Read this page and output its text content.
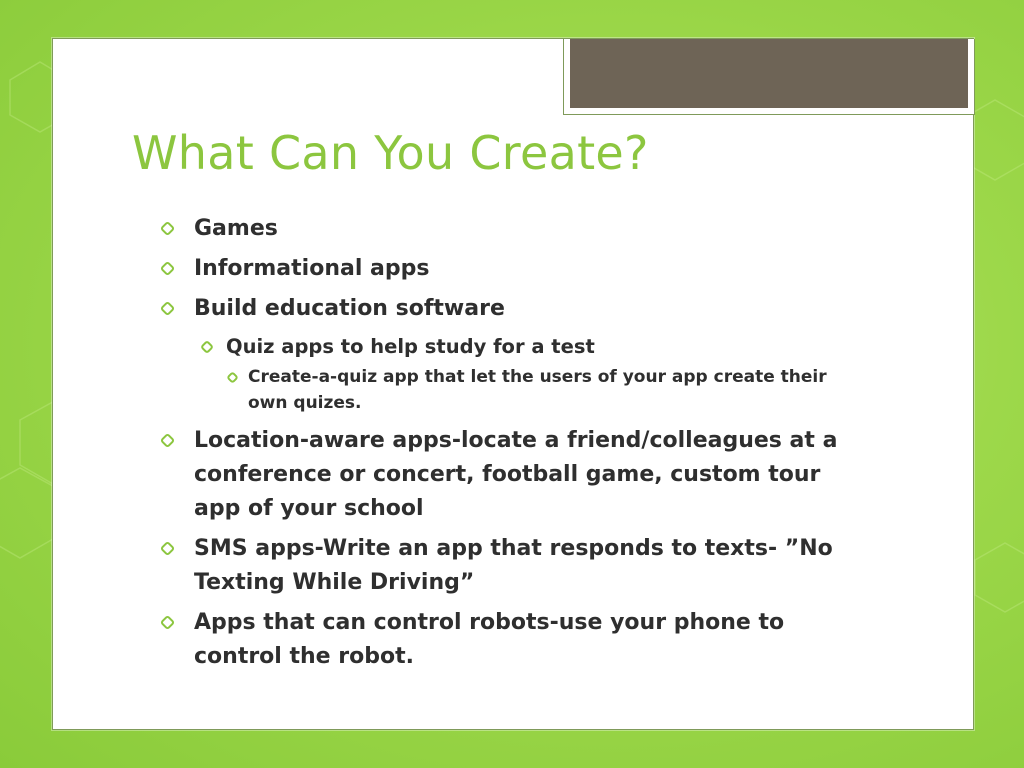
What Can You Create?
Games
Informational apps
Build education software
Quiz apps to help study for a test
Create-a-quiz app that let the users of your app create their own quizes.
Location-aware apps-locate a friend/colleagues at a conference or concert, football game, custom tour app of your school
SMS apps-Write an app that responds to texts- ”No Texting While Driving”
Apps that can control robots-use your phone to control the robot.
